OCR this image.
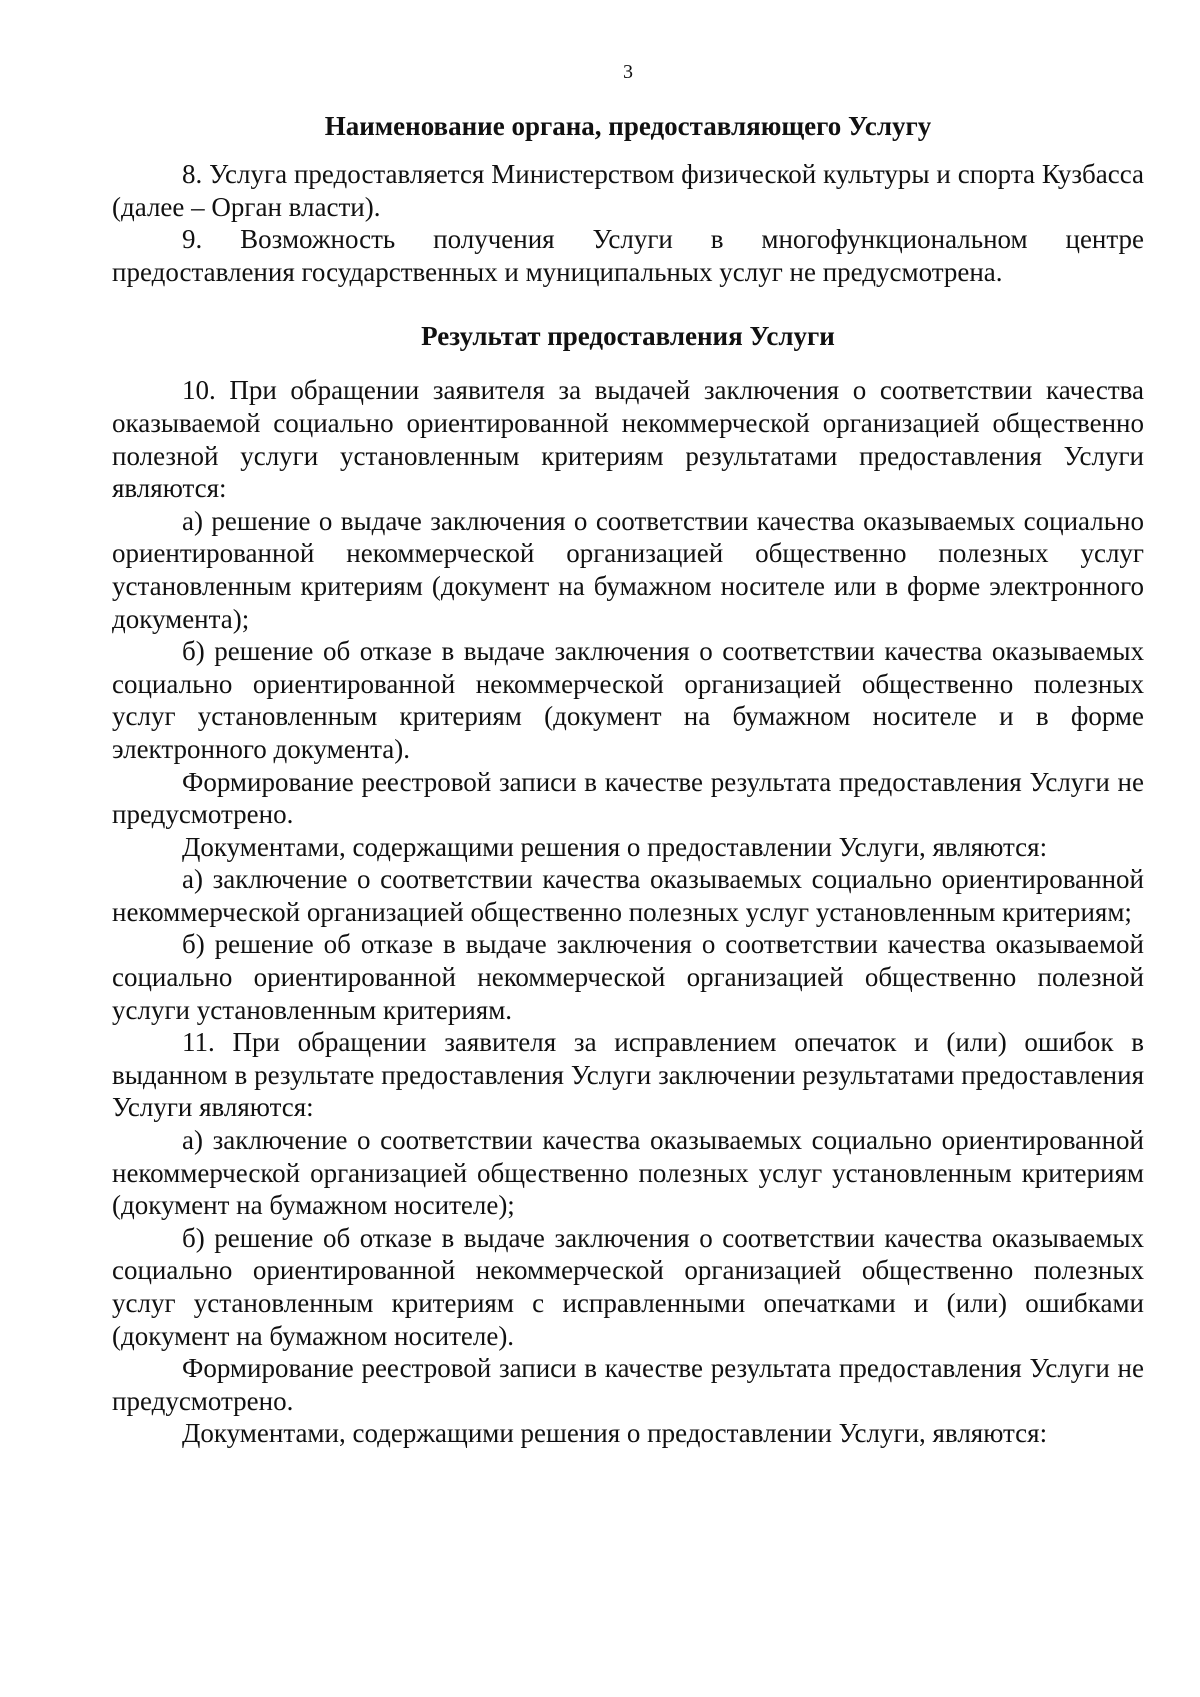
3
Наименование органа, предоставляющего Услугу

8. Услуга предоставляется Министерством физической культуры и спорта Кузбасса (далее – Орган власти).

9. Возможность получения Услуги в многофункциональном центре предоставления государственных и муниципальных услуг не предусмотрена.

Результат предоставления Услуги

10. При обращении заявителя за выдачей заключения о соответствии качества оказываемой социально ориентированной некоммерческой организацией общественно полезной услуги установленным критериям результатами предоставления Услуги являются:

а) решение о выдаче заключения о соответствии качества оказываемых социально ориентированной некоммерческой организацией общественно полезных услуг установленным критериям (документ на бумажном носителе или в форме электронного документа);

б) решение об отказе в выдаче заключения о соответствии качества оказываемых социально ориентированной некоммерческой организацией общественно полезных услуг установленным критериям (документ на бумажном носителе и в форме электронного документа).

Формирование реестровой записи в качестве результата предоставления Услуги не предусмотрено.

Документами, содержащими решения о предоставлении Услуги, являются:

а) заключение о соответствии качества оказываемых социально ориентированной некоммерческой организацией общественно полезных услуг установленным критериям;

б) решение об отказе в выдаче заключения о соответствии качества оказываемой социально ориентированной некоммерческой организацией общественно полезной услуги установленным критериям.

11. При обращении заявителя за исправлением опечаток и (или) ошибок в выданном в результате предоставления Услуги заключении результатами предоставления Услуги являются:

а) заключение о соответствии качества оказываемых социально ориентированной некоммерческой организацией общественно полезных услуг установленным критериям (документ на бумажном носителе);

б) решение об отказе в выдаче заключения о соответствии качества оказываемых социально ориентированной некоммерческой организацией общественно полезных услуг установленным критериям с исправленными опечатками и (или) ошибками (документ на бумажном носителе).

Формирование реестровой записи в качестве результата предоставления Услуги не предусмотрено.

Документами, содержащими решения о предоставлении Услуги, являются:
